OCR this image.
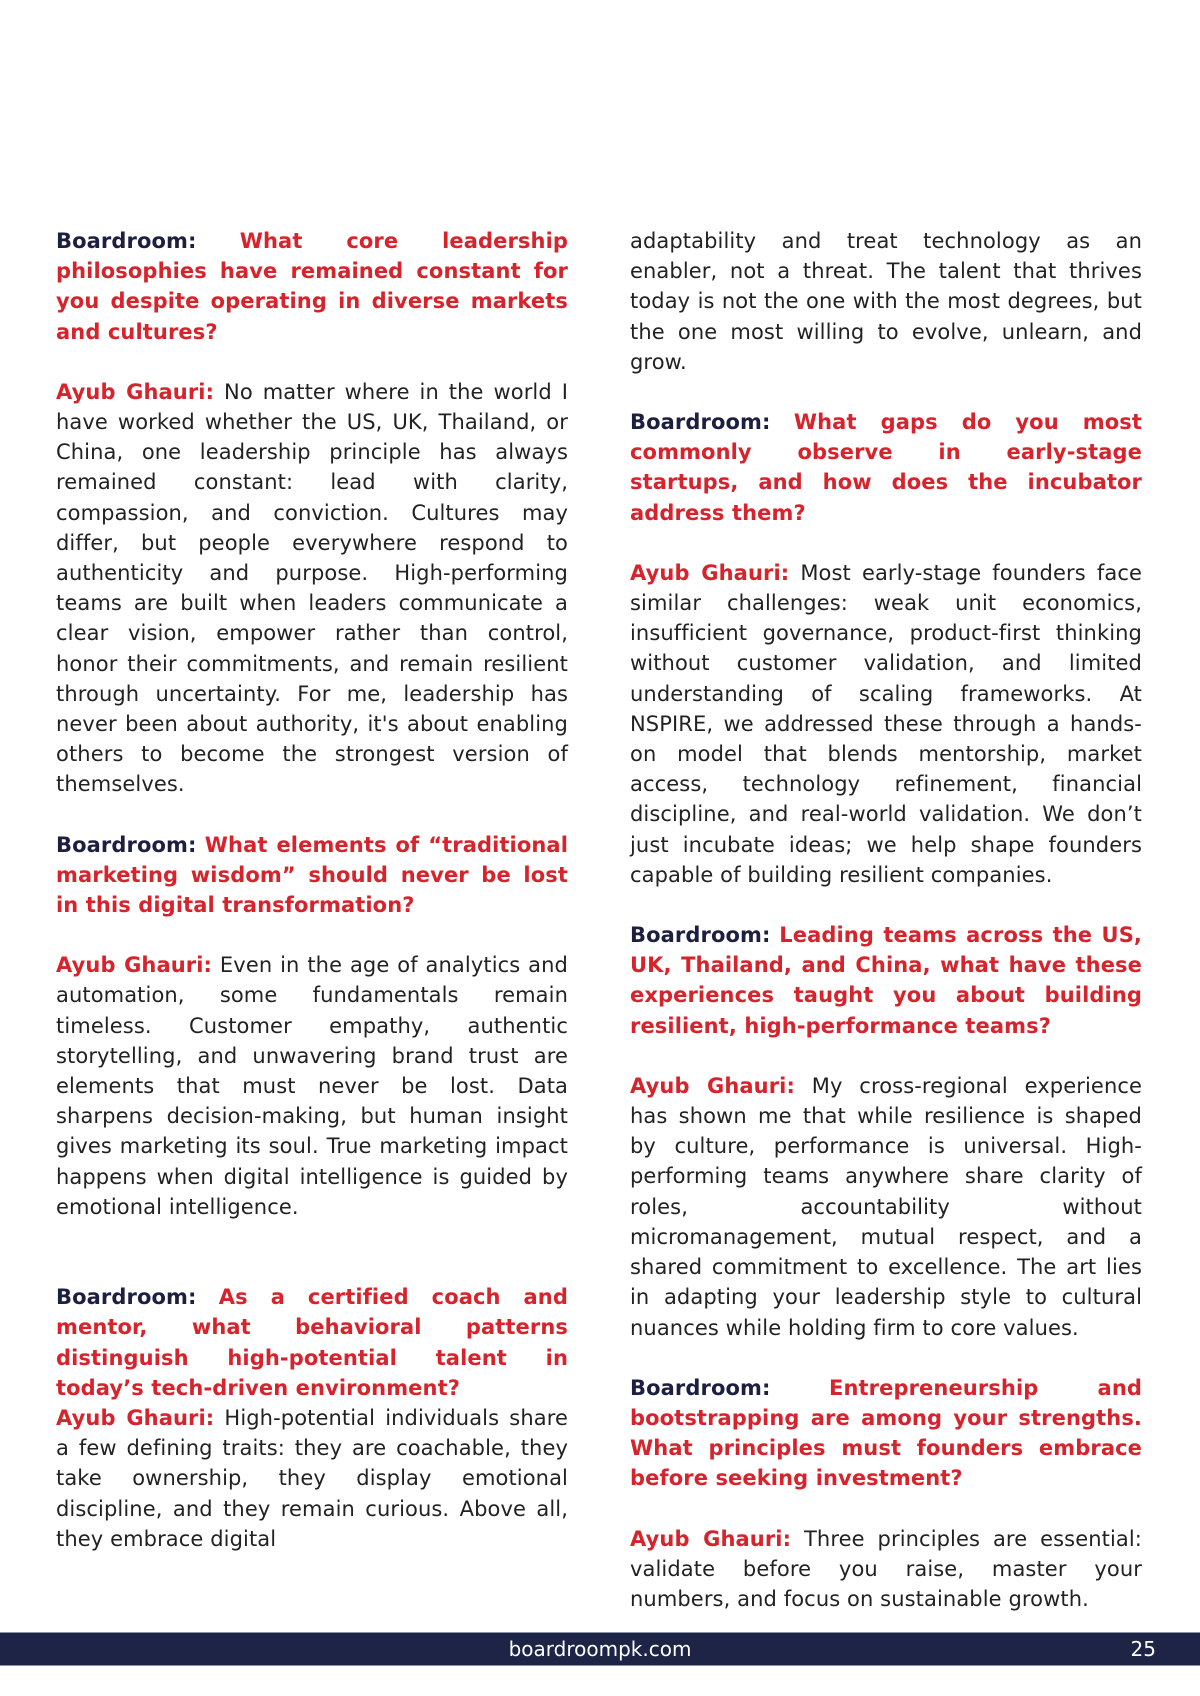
Boardroom: What core leadership philosophies have remained constant for you despite operating in diverse markets and cultures?

Ayub Ghauri: No matter where in the world I have worked whether the US, UK, Thailand, or China, one leadership principle has always remained constant: lead with clarity, compassion, and conviction. Cultures may differ, but people everywhere respond to authenticity and purpose. High-performing teams are built when leaders communicate a clear vision, empower rather than control, honor their commitments, and remain resilient through uncertainty. For me, leadership has never been about authority, it's about enabling others to become the strongest version of themselves.

Boardroom: What elements of “traditional marketing wisdom” should never be lost in this digital transformation?

Ayub Ghauri: Even in the age of analytics and automation, some fundamentals remain timeless. Customer empathy, authentic storytelling, and unwavering brand trust are elements that must never be lost. Data sharpens decision-making, but human insight gives marketing its soul. True marketing impact happens when digital intelligence is guided by emotional intelligence.

Boardroom: As a certified coach and mentor, what behavioral patterns distinguish high-potential talent in today’s tech-driven environment?

Ayub Ghauri: High-potential individuals share a few defining traits: they are coachable, they take ownership, they display emotional discipline, and they remain curious. Above all, they embrace digital

adaptability and treat technology as an enabler, not a threat. The talent that thrives today is not the one with the most degrees, but the one most willing to evolve, unlearn, and grow.

Boardroom: What gaps do you most commonly observe in early-stage startups, and how does the incubator address them?

Ayub Ghauri: Most early-stage founders face similar challenges: weak unit economics, insufficient governance, product-first thinking without customer validation, and limited understanding of scaling frameworks. At NSPIRE, we addressed these through a hands-on model that blends mentorship, market access, technology refinement, financial discipline, and real-world validation. We don’t just incubate ideas; we help shape founders capable of building resilient companies.

Boardroom: Leading teams across the US, UK, Thailand, and China, what have these experiences taught you about building resilient, high-performance teams?

Ayub Ghauri: My cross-regional experience has shown me that while resilience is shaped by culture, performance is universal. High-performing teams anywhere share clarity of roles, accountability without micromanagement, mutual respect, and a shared commitment to excellence. The art lies in adapting your leadership style to cultural nuances while holding firm to core values.

Boardroom:	Entrepreneurship and bootstrapping are among your strengths. What principles must founders embrace before seeking investment?

Ayub Ghauri: Three principles are essential: validate before you raise, master your numbers, and focus on sustainable growth.

boardroompk.com	25
